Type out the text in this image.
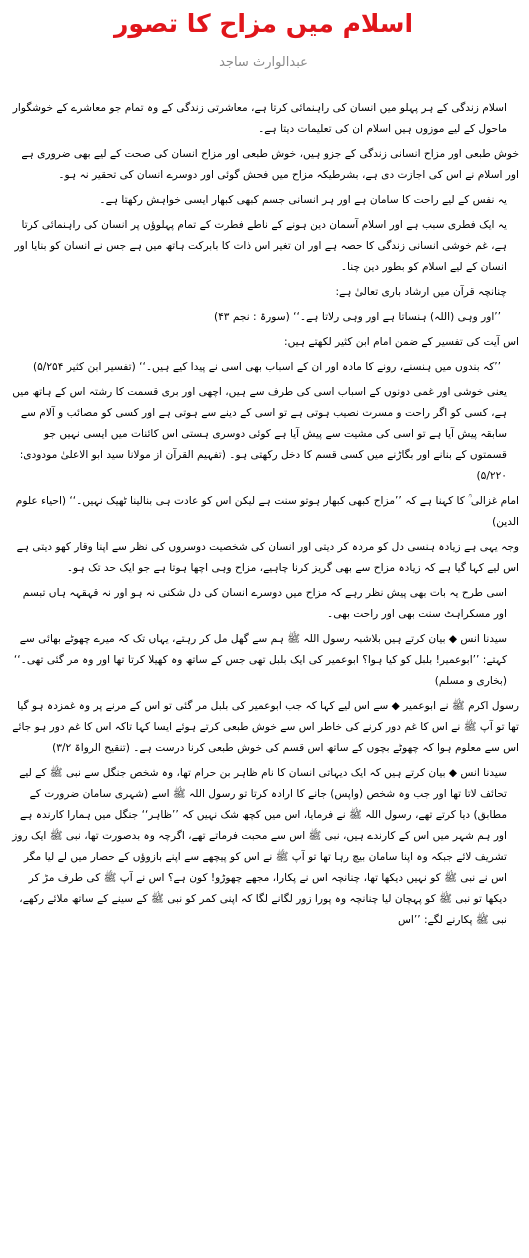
اسلام میں مزاح کا تصور
عبدالوارث ساجد

اسلام زندگی کے ہر پہلو میں انسان کی راہنمائی کرتا ہے، معاشرتی زندگی کے وہ تمام جو معاشرے کے خوشگوار ماحول کے لیے موزوں ہیں اسلام ان کی تعلیمات دیتا ہے۔

خوش طبعی اور مزاح انسانی زندگی کے جزو ہیں، خوش طبعی اور مزاح انسان کی صحت کے لیے بھی ضروری ہے اور اسلام نے اس کی اجازت دی ہے، بشرطیکہ مزاح میں فحش گوئی اور دوسرے انسان کی تحقیر نہ ہو۔

یہ نفس کے لیے راحت کا سامان ہے اور ہر انسانی جسم کبھی کبھار ایسی خواہش رکھتا ہے۔

یہ ایک فطری سبب ہے اور اسلام آسمان دین ہونے کے ناطے فطرت کے تمام پہلوؤں پر انسان کی راہنمائی کرتا ہے، غم خوشی انسانی زندگی کا حصہ ہے اور ان تغیر اس ذات کا بابرکت ہاتھ میں ہے جس نے انسان کو بنایا اور انسان کے لیے اسلام کو بطور دین چنا۔

چنانچہ قرآن میں ارشاد باری تعالیٰ ہے:

’’اور وہی (اللہ) ہنساتا ہے اور وہی رلاتا ہے۔‘‘ (سورۃ : نجم ۴۳)

اس آیت کی تفسیر کے ضمن امام ابن کثیر لکھتے ہیں:

’’کہ بندوں میں ہنسنے، رونے کا مادہ اور ان کے اسباب بھی اسی نے پیدا کیے ہیں۔‘‘ (تفسیر ابن کثیر ۵/۲۵۴)

یعنی خوشی اور غمی دونوں کے اسباب اسی کی طرف سے ہیں، اچھی اور بری قسمت کا رشتہ اس کے ہاتھ میں ہے، کسی کو اگر راحت و مسرت نصیب ہوتی ہے تو اسی کے دینے سے ہوتی ہے اور کسی کو مصائب و آلام سے سابقہ پیش آیا ہے تو اسی کی مشیت سے پیش آیا ہے کوئی دوسری ہستی اس کائنات میں ایسی نہیں جو قسمتوں کے بنانے اور بگاڑنے میں کسی قسم کا دخل رکھتی ہو۔ (تفہیم القرآن از مولانا سید ابو الاعلیٰ مودودی: ۵/۲۲۰)

امام غزالی ؒ کا کہنا ہے کہ ’’مزاح کبھی کبھار ہوتو سنت ہے لیکن اس کو عادت ہی بنالینا ٹھیک نہیں۔‘‘ (احیاء علوم الدین)

وجہ یہی ہے زیادہ ہنسی دل کو مردہ کر دیتی اور انسان کی شخصیت دوسروں کی نظر سے اپنا وقار کھو دیتی ہے اس لیے کہا گیا ہے کہ زیادہ مزاح سے بھی گریز کرنا چاہیے، مزاح وہی اچھا ہوتا ہے جو ایک حد تک ہو۔

اسی طرح یہ بات بھی پیش نظر رہے کہ مزاح میں دوسرے انسان کی دل شکنی نہ ہو اور نہ قہقہہ ہاں تبسم اور مسکراہٹ سنت بھی اور راحت بھی۔

سیدنا انس ◆ بیان کرتے ہیں بلاشبہ رسول اللہ ﷺ ہم سے گھل مل کر رہتے، یہاں تک کہ میرے چھوٹے بھائی سے کہتے: ’’ابوعمیر! بلبل کو کیا ہوا؟ ابوعمیر کی ایک بلبل تھی جس کے ساتھ وہ کھیلا کرتا تھا اور وہ مر گئی تھی۔‘‘ (بخاری و مسلم)

رسول اکرم ﷺ نے ابوعمیر ◆ سے اس لیے کہا کہ جب ابوعمیر کی بلبل مر گئی تو اس کے مرنے پر وہ غمزدہ ہو گیا تھا تو آپ ﷺ نے اس کا غم دور کرنے کی خاطر اس سے خوش طبعی کرتے ہوئے ایسا کہا تاکہ اس کا غم دور ہو جائے اس سے معلوم ہوا کہ چھوٹے بچوں کے ساتھ اس قسم کی خوش طبعی کرنا درست ہے۔ (تنقیح الرواۃ ۳/۲)

سیدنا انس ◆ بیان کرتے ہیں کہ ایک دیہاتی انسان کا نام ظاہر بن حرام تھا، وہ شخص جنگل سے نبی ﷺ کے لیے تحائف لاتا تھا اور جب وہ شخص (واپس) جانے کا ارادہ کرتا تو رسول اللہ ﷺ اسے (شہری سامان ضرورت کے مطابق) دیا کرتے تھے، رسول اللہ ﷺ نے فرمایا، اس میں کچھ شک نہیں کہ ’’ظاہر‘‘ جنگل میں ہمارا کارندہ ہے اور ہم شہر میں اس کے کارندے ہیں، نبی ﷺ اس سے محبت فرماتے تھے، اگرچہ وہ بدصورت تھا، نبی ﷺ ایک روز تشریف لائے جبکہ وہ اپنا سامان بیچ رہا تھا تو آپ ﷺ نے اس کو پیچھے سے اپنے بازوؤں کے حصار میں لے لیا مگر اس نے نبی ﷺ کو نہیں دیکھا تھا، چنانچہ اس نے پکارا، مجھے چھوڑو! کون ہے؟ اس نے آپ ﷺ کی طرف مڑ کر دیکھا تو نبی ﷺ کو پہچان لیا چنانچہ وہ پورا زور لگانے لگا کہ اپنی کمر کو نبی ﷺ کے سینے کے ساتھ ملائے رکھے، نبی ﷺ پکارنے لگے: ’’اس
